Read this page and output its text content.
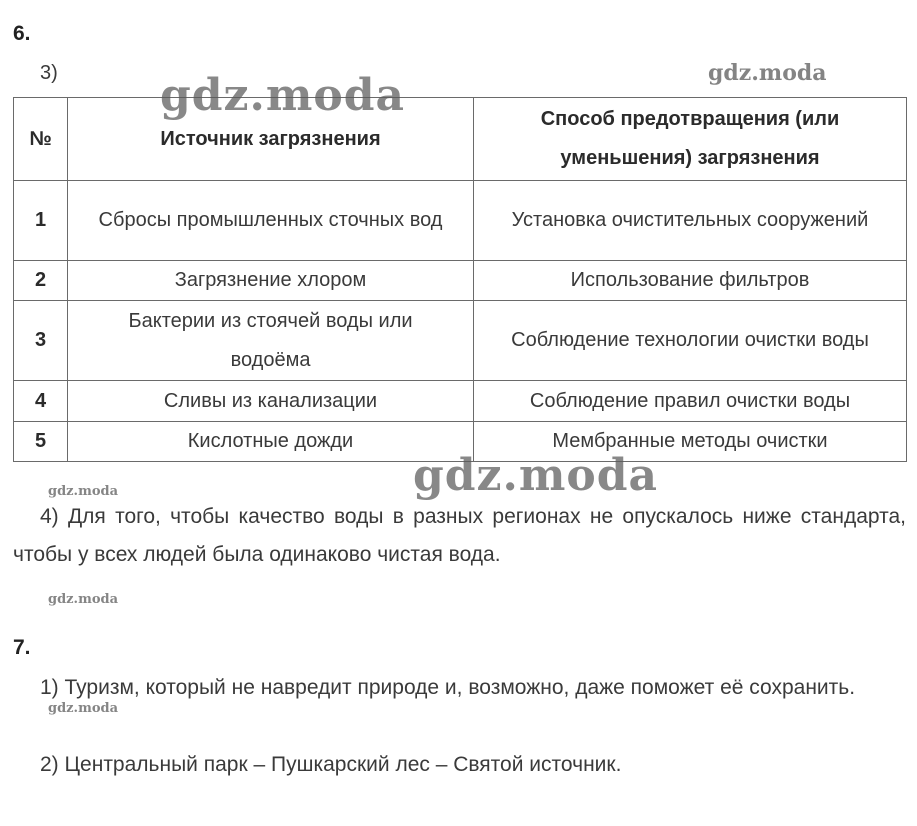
6.
3)
№	Источник загрязнения	Способ предотвращения (или уменьшения) загрязнения
1	Сбросы промышленных сточных вод	Установка очистительных сооружений
2	Загрязнение хлором	Использование фильтров
3	Бактерии из стоячей воды или водоёма	Соблюдение технологии очистки воды
4	Сливы из канализации	Соблюдение правил очистки воды
5	Кислотные дожди	Мембранные методы очистки
4) Для того, чтобы качество воды в разных регионах не опускалось ниже стандарта, чтобы у всех людей была одинаково чистая вода.
7.
1) Туризм, который не навредит природе и, возможно, даже поможет её сохранить.
2) Центральный парк – Пушкарский лес – Святой источник.
gdz.moda	gdz.moda
gdz.moda
gdz.moda
gdz.moda
gdz.moda
